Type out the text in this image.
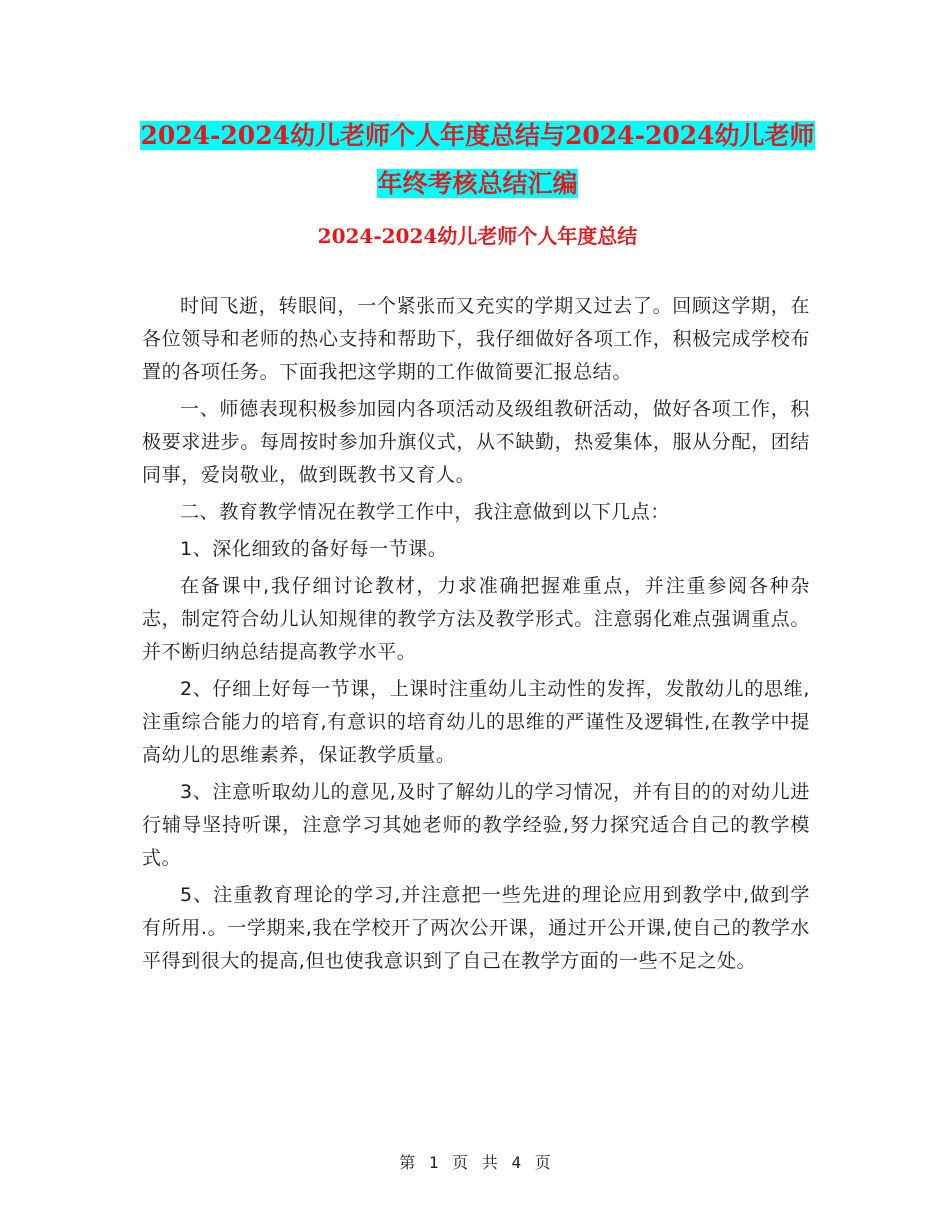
2024-2024幼儿老师个人年度总结与2024-2024幼儿老师年终考核总结汇编
2024-2024幼儿老师个人年度总结

时间飞逝，转眼间，一个紧张而又充实的学期又过去了。回顾这学期，在各位领导和老师的热心支持和帮助下，我仔细做好各项工作，积极完成学校布置的各项任务。下面我把这学期的工作做简要汇报总结。

一、师德表现积极参加园内各项活动及级组教研活动，做好各项工作，积极要求进步。每周按时参加升旗仪式，从不缺勤，热爱集体，服从分配，团结同事，爱岗敬业，做到既教书又育人。

二、教育教学情况在教学工作中，我注意做到以下几点：

1、深化细致的备好每一节课。

在备课中,我仔细讨论教材，力求准确把握难重点，并注重参阅各种杂志，制定符合幼儿认知规律的教学方法及教学形式。注意弱化难点强调重点。并不断归纳总结提高教学水平。

2、仔细上好每一节课，上课时注重幼儿主动性的发挥，发散幼儿的思维,注重综合能力的培育,有意识的培育幼儿的思维的严谨性及逻辑性,在教学中提高幼儿的思维素养，保证教学质量。

3、注意听取幼儿的意见,及时了解幼儿的学习情况，并有目的的对幼儿进行辅导坚持听课，注意学习其她老师的教学经验,努力探究适合自己的教学模式。

5、注重教育理论的学习,并注意把一些先进的理论应用到教学中,做到学有所用.。一学期来,我在学校开了两次公开课，通过开公开课,使自己的教学水平得到很大的提高,但也使我意识到了自己在教学方面的一些不足之处。

第 1 页 共 4 页
